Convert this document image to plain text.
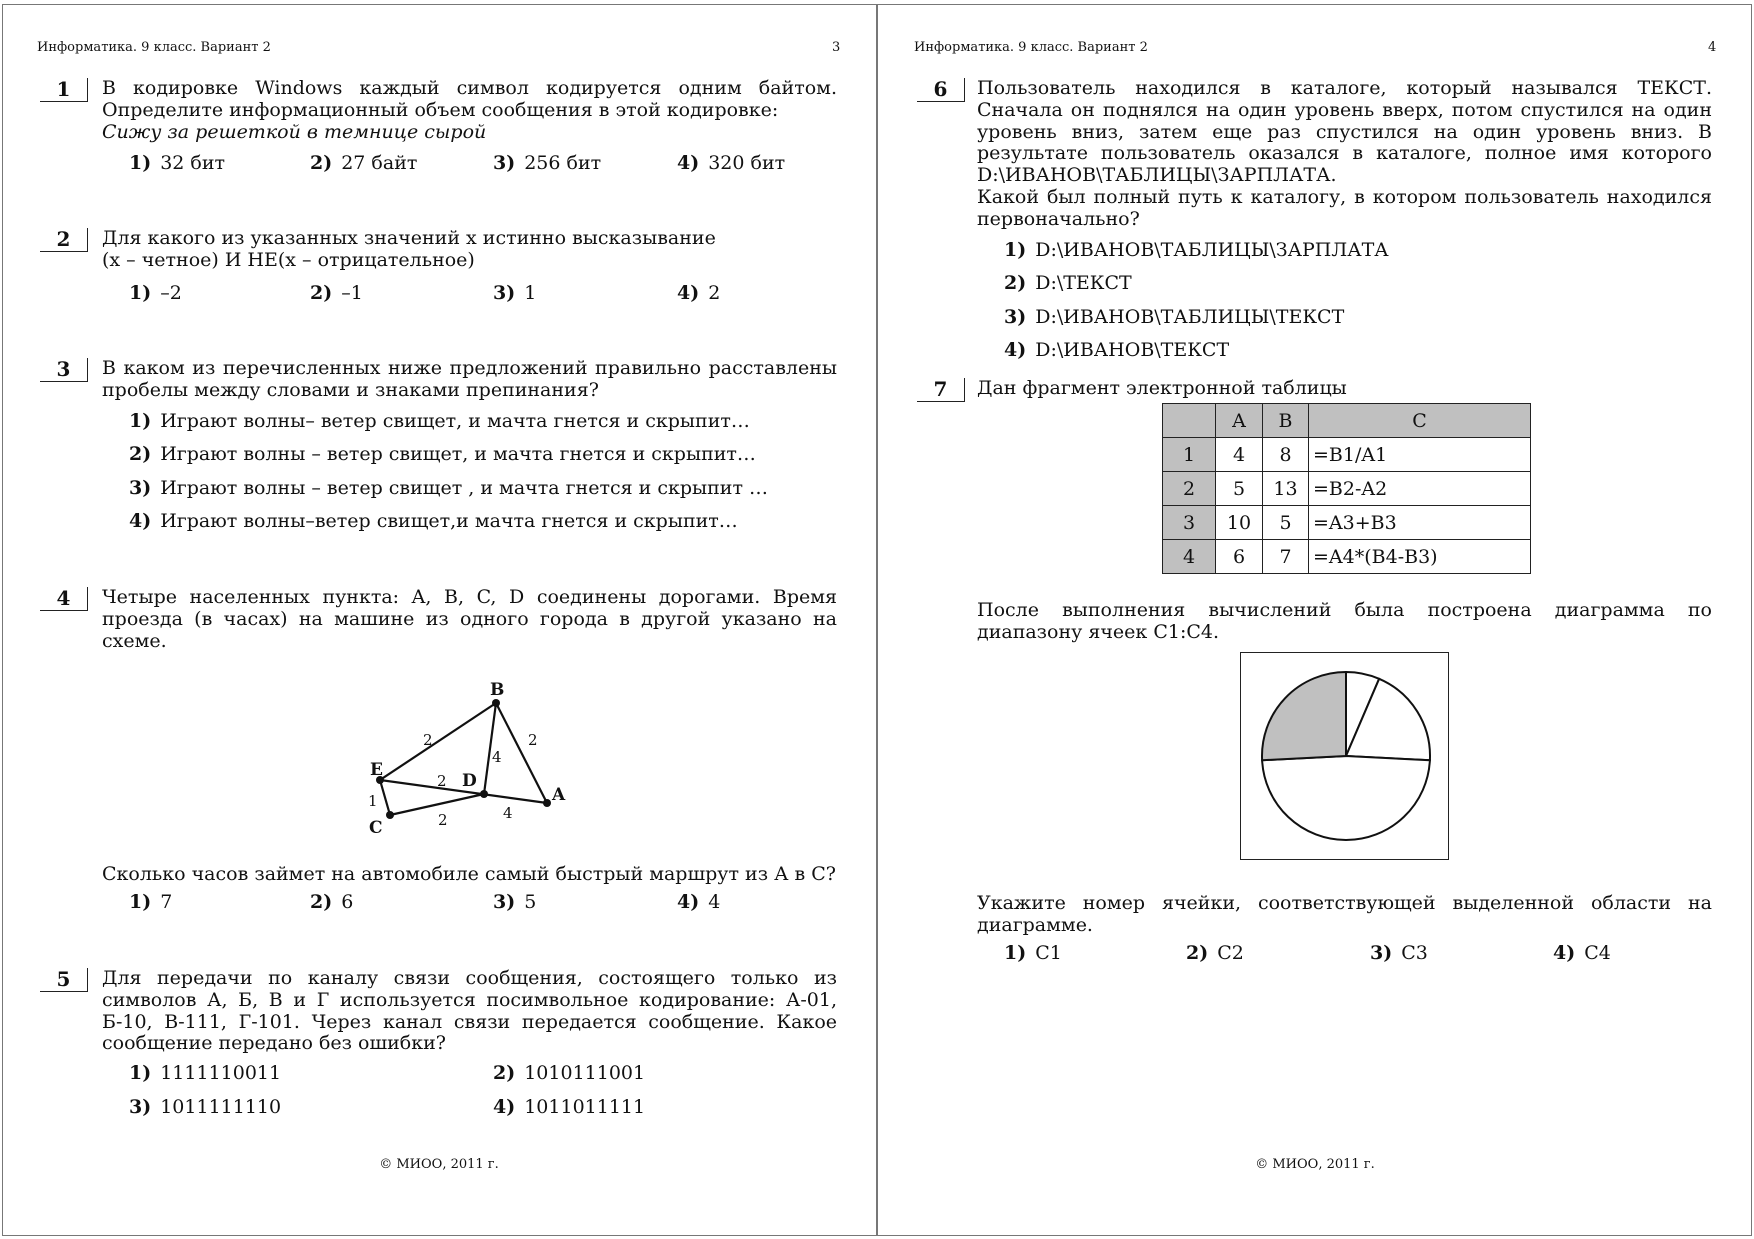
Информатика. 9 класс. Вариант 2	3	Информатика. 9 класс. Вариант 2	4
1	В кодировке Windows каждый символ кодируется одним байтом. Определите информационный объем сообщения в этой кодировке:
Сижу за решеткой в темнице сырой
1) 32 бит	2) 27 байт	3) 256 бит	4) 320 бит
2	Для какого из указанных значений х истинно высказывание
(х – четное) И НЕ(х – отрицательное)
1) –2	2) –1	3) 1	4) 2
3	В каком из перечисленных ниже предложений правильно расставлены пробелы между словами и знаками препинания?
1) Играют волны– ветер свищет, и мачта гнется и скрыпит…
2) Играют волны – ветер свищет, и мачта гнется и скрыпит…
3) Играют волны – ветер свищет , и мачта гнется и скрыпит …
4) Играют волны–ветер свищет,и мачта гнется и скрыпит…
4	Четыре населенных пункта: A, B, C, D соединены дорогами. Время проезда (в часах) на машине из одного города в другой указано на схеме.
B
E
D
A
C
2	2
4
2
1
2	4
Сколько часов займет на автомобиле самый быстрый маршрут из А в С?
1) 7	2) 6	3) 5	4) 4
5	Для передачи по каналу связи сообщения, состоящего только из символов А, Б, В и Г используется посимвольное кодирование: А-01, Б-10, В-111, Г-101. Через канал связи передается сообщение. Какое сообщение передано без ошибки?
1) 1111110011	2) 1010111001
3) 1011111110	4) 1011011111
© МИОО, 2011 г.
6	Пользователь находился в каталоге, который назывался ТЕКСТ. Сначала он поднялся на один уровень вверх, потом спустился на один уровень вниз, затем еще раз спустился на один уровень вниз. В результате пользователь оказался в каталоге, полное имя которого D:\ИВАНОВ\ТАБЛИЦЫ\ЗАРПЛАТА.
Какой был полный путь к каталогу, в котором пользователь находился первоначально?
1) D:\ИВАНОВ\ТАБЛИЦЫ\ЗАРПЛАТА
2) D:\ТЕКСТ
3) D:\ИВАНОВ\ТАБЛИЦЫ\ТЕКСТ
4) D:\ИВАНОВ\ТЕКСТ
7	Дан фрагмент электронной таблицы
	A	B	C
1	4	8	=B1/A1
2	5	13	=B2-A2
3	10	5	=A3+B3
4	6	7	=A4*(B4-B3)
После выполнения вычислений была построена диаграмма по диапазону ячеек C1:C4.
Укажите номер ячейки, соответствующей выделенной области на диаграмме.
1) C1	2) C2	3) C3	4) C4
© МИОО, 2011 г.
